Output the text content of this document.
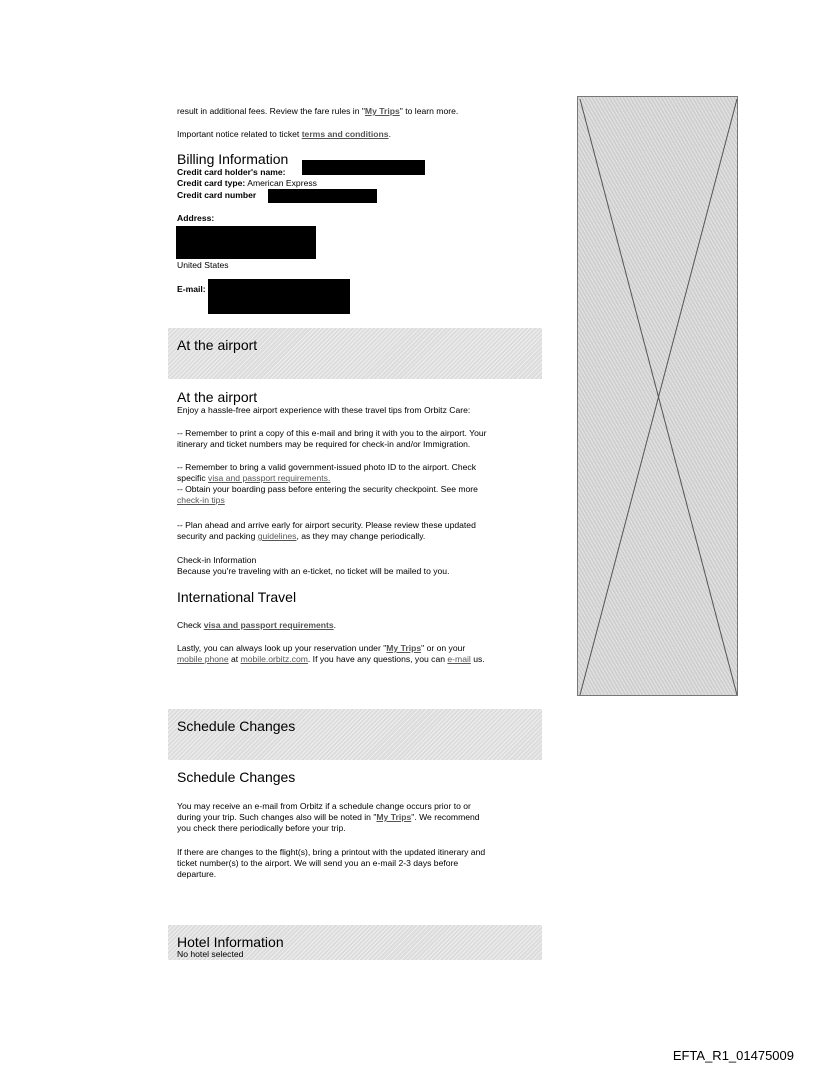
result in additional fees. Review the fare rules in "My Trips" to learn more.
Important notice related to ticket terms and conditions.
Billing Information
Credit card holder's name:
Credit card type: American Express
Credit card number
Address:
United States
E-mail:
At the airport
At the airport
Enjoy a hassle-free airport experience with these travel tips from Orbitz Care:
-- Remember to print a copy of this e-mail and bring it with you to the airport. Your
itinerary and ticket numbers may be required for check-in and/or Immigration.
-- Remember to bring a valid government-issued photo ID to the airport. Check
specific visa and passport requirements.
-- Obtain your boarding pass before entering the security checkpoint. See more
check-in tips
-- Plan ahead and arrive early for airport security. Please review these updated
security and packing guidelines, as they may change periodically.
Check-in Information
Because you're traveling with an e-ticket, no ticket will be mailed to you.
International Travel
Check visa and passport requirements.
Lastly, you can always look up your reservation under "My Trips" or on your
mobile phone at mobile.orbitz.com. If you have any questions, you can e-mail us.
Schedule Changes
Schedule Changes
You may receive an e-mail from Orbitz if a schedule change occurs prior to or
during your trip. Such changes also will be noted in "My Trips". We recommend
you check there periodically before your trip.
If there are changes to the flight(s), bring a printout with the updated itinerary and
ticket number(s) to the airport. We will send you an e-mail 2-3 days before
departure.
Hotel Information
No hotel selected
EFTA_R1_01475009
